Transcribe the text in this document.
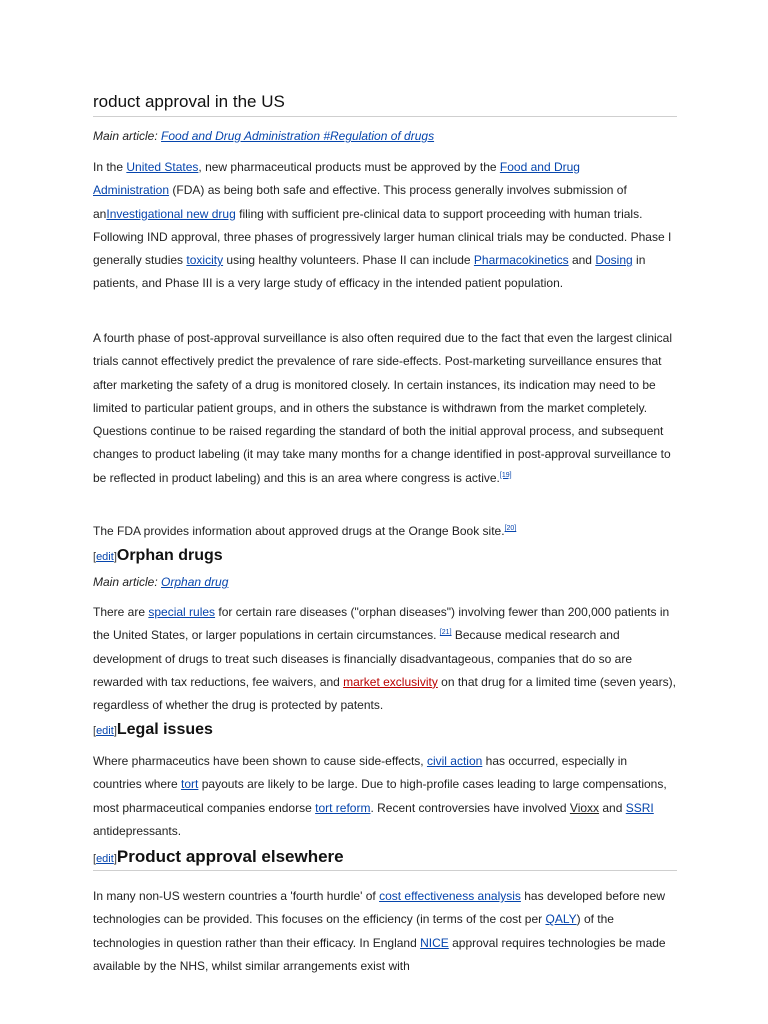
roduct approval in the US
Main article: Food and Drug Administration #Regulation of drugs

In the United States, new pharmaceutical products must be approved by the Food and Drug
Administration (FDA) as being both safe and effective. This process generally involves submission of anInvestigational new drug filing with sufficient pre-clinical data to support proceeding with human trials. Following IND approval, three phases of progressively larger human clinical trials may be conducted. Phase I generally studies toxicity using healthy volunteers. Phase II can include Pharmacokinetics and Dosing in patients, and Phase III is a very large study of efficacy in the intended patient population.

A fourth phase of post-approval surveillance is also often required due to the fact that even the largest clinical trials cannot effectively predict the prevalence of rare side-effects. Post-marketing surveillance ensures that after marketing the safety of a drug is monitored closely. In certain instances, its indication may need to be limited to particular patient groups, and in others the substance is withdrawn from the market completely. Questions continue to be raised regarding the standard of both the initial approval process, and subsequent changes to product labeling (it may take many months for a change identified in post-approval surveillance to be reflected in product labeling) and this is an area where congress is active.[19]

The FDA provides information about approved drugs at the Orange Book site.[20]

[edit]Orphan drugs
Main article: Orphan drug

There are special rules for certain rare diseases ("orphan diseases") involving fewer than 200,000 patients in the United States, or larger populations in certain circumstances. [21] Because medical research and development of drugs to treat such diseases is financially disadvantageous, companies that do so are rewarded with tax reductions, fee waivers, and market exclusivity on that drug for a limited time (seven years), regardless of whether the drug is protected by patents.

[edit]Legal issues

Where pharmaceutics have been shown to cause side-effects, civil action has occurred, especially in countries where tort payouts are likely to be large. Due to high-profile cases leading to large compensations, most pharmaceutical companies endorse tort reform. Recent controversies have involved Vioxx and SSRI antidepressants.

[edit]Product approval elsewhere

In many non-US western countries a 'fourth hurdle' of cost effectiveness analysis has developed before new technologies can be provided. This focuses on the efficiency (in terms of the cost per QALY) of the technologies in question rather than their efficacy. In England NICE approval requires technologies be made available by the NHS, whilst similar arrangements exist with
